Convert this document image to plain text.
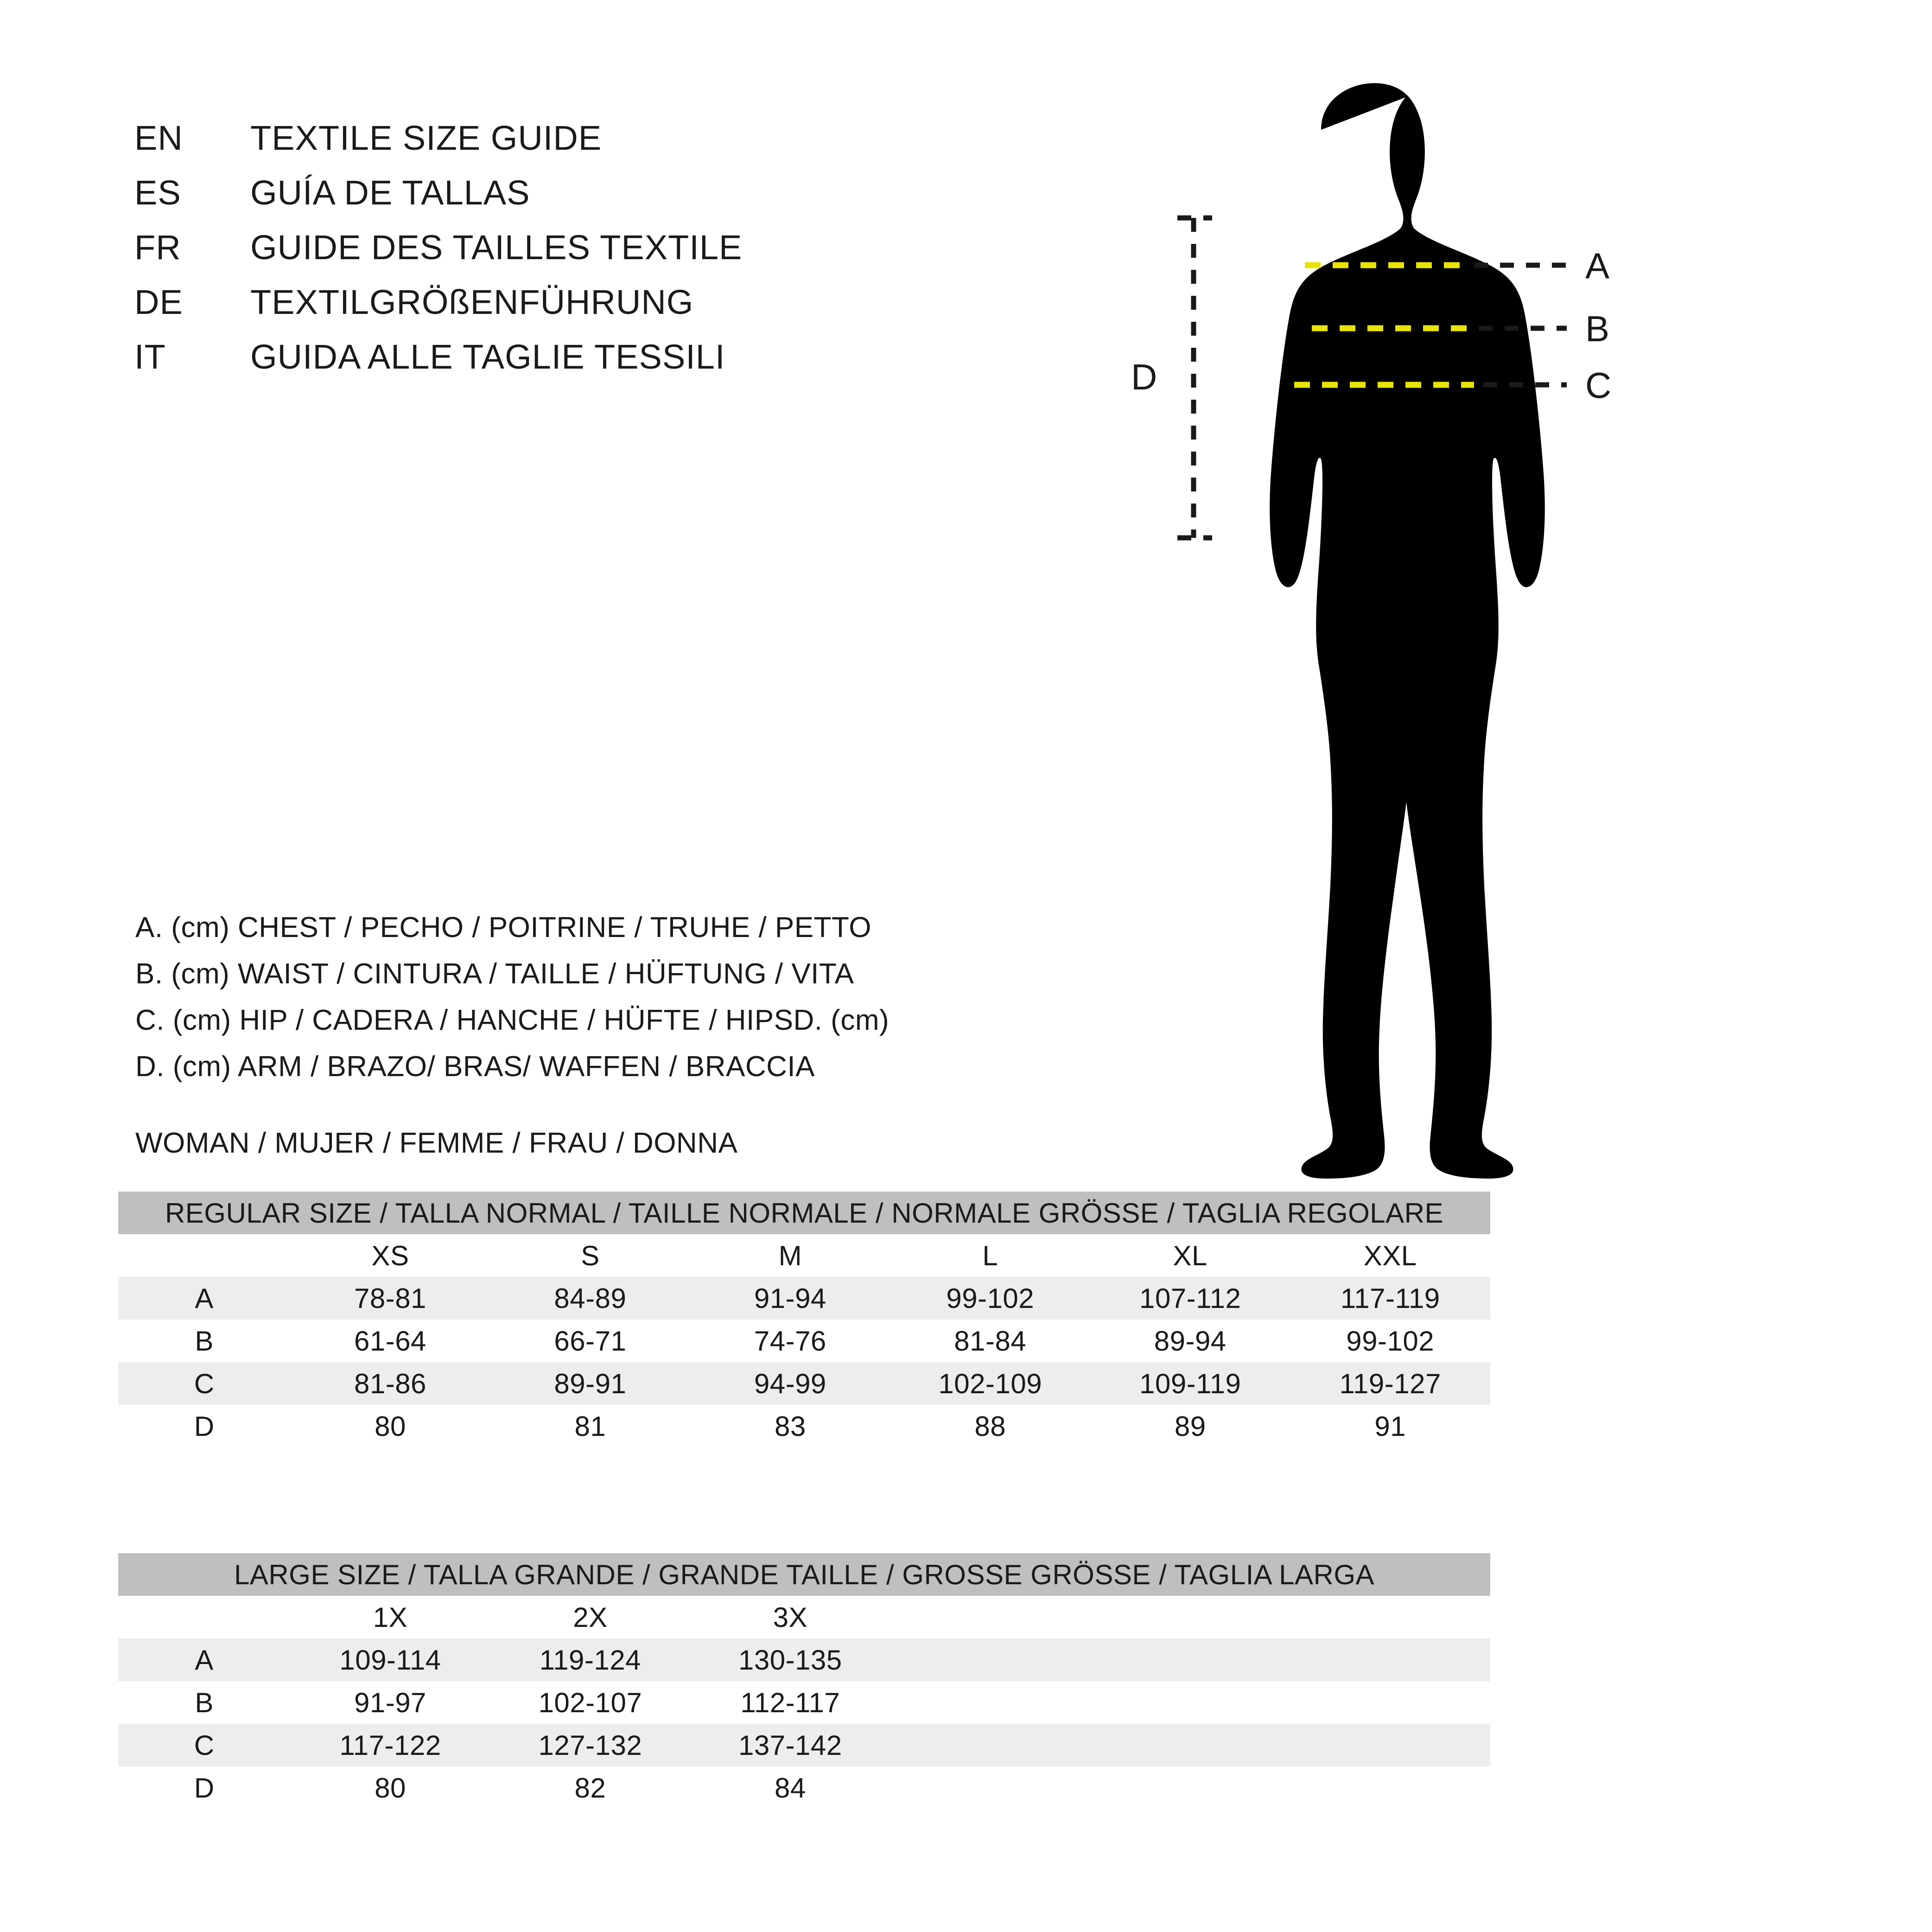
EN	TEXTILE SIZE GUIDE
ES	GUÍA DE TALLAS
FR	GUIDE DES TAILLES TEXTILE
DE	TEXTILGRÖßENFÜHRUNG
IT	GUIDA ALLE TAGLIE TESSILI
A. (cm) CHEST / PECHO / POITRINE / TRUHE / PETTO
B. (cm) WAIST / CINTURA / TAILLE / HÜFTUNG / VITA
C. (cm) HIP / CADERA / HANCHE / HÜFTE / HIPSD. (cm)
D. (cm) ARM / BRAZO/ BRAS/ WAFFEN / BRACCIA
WOMAN / MUJER / FEMME / FRAU / DONNA
A
B
C
D
REGULAR SIZE / TALLA NORMAL / TAILLE NORMALE / NORMALE GRÖSSE / TAGLIA REGOLARE						
	XS	S	M	L	XL	XXL
A	78-81	84-89	91-94	99-102	107-112	117-119
B	61-64	66-71	74-76	81-84	89-94	99-102
C	81-86	89-91	94-99	102-109	109-119	119-127
D	80	81	83	88	89	91
LARGE SIZE / TALLA GRANDE / GRANDE TAILLE / GROSSE GRÖSSE / TAGLIA LARGA						
	1X	2X	3X			
A	109-114	119-124	130-135			
B	91-97	102-107	112-117			
C	117-122	127-132	137-142			
D	80	82	84			
